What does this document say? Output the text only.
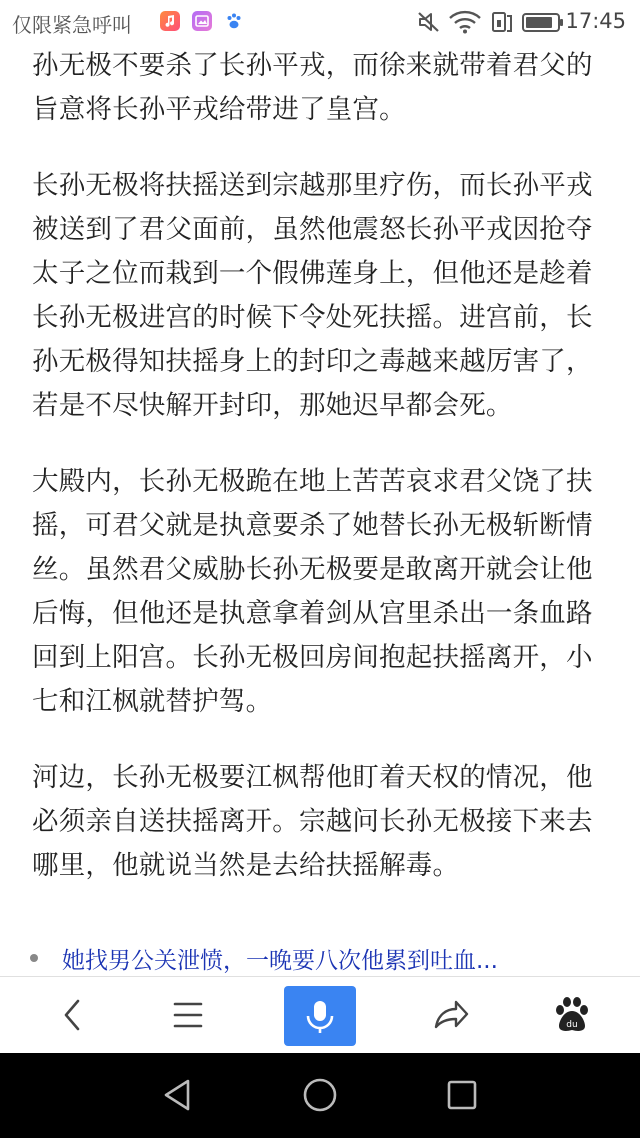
仅限紧急呼叫	17:45

孙无极不要杀了长孙平戎，而徐来就带着君父的旨意将长孙平戎给带进了皇宫。

长孙无极将扶摇送到宗越那里疗伤，而长孙平戎被送到了君父面前，虽然他震怒长孙平戎因抢夺太子之位而栽到一个假佛莲身上，但他还是趁着长孙无极进宫的时候下令处死扶摇。进宫前，长孙无极得知扶摇身上的封印之毒越来越厉害了，若是不尽快解开封印，那她迟早都会死。

大殿内，长孙无极跪在地上苦苦哀求君父饶了扶摇，可君父就是执意要杀了她替长孙无极斩断情丝。虽然君父威胁长孙无极要是敢离开就会让他后悔，但他还是执意拿着剑从宫里杀出一条血路回到上阳宫。长孙无极回房间抱起扶摇离开，小七和江枫就替护驾。

河边，长孙无极要江枫帮他盯着天权的情况，他必须亲自送扶摇离开。宗越问长孙无极接下来去哪里，他就说当然是去给扶摇解毒。

她找男公关泄愤，一晚要八次他累到吐血...
du
